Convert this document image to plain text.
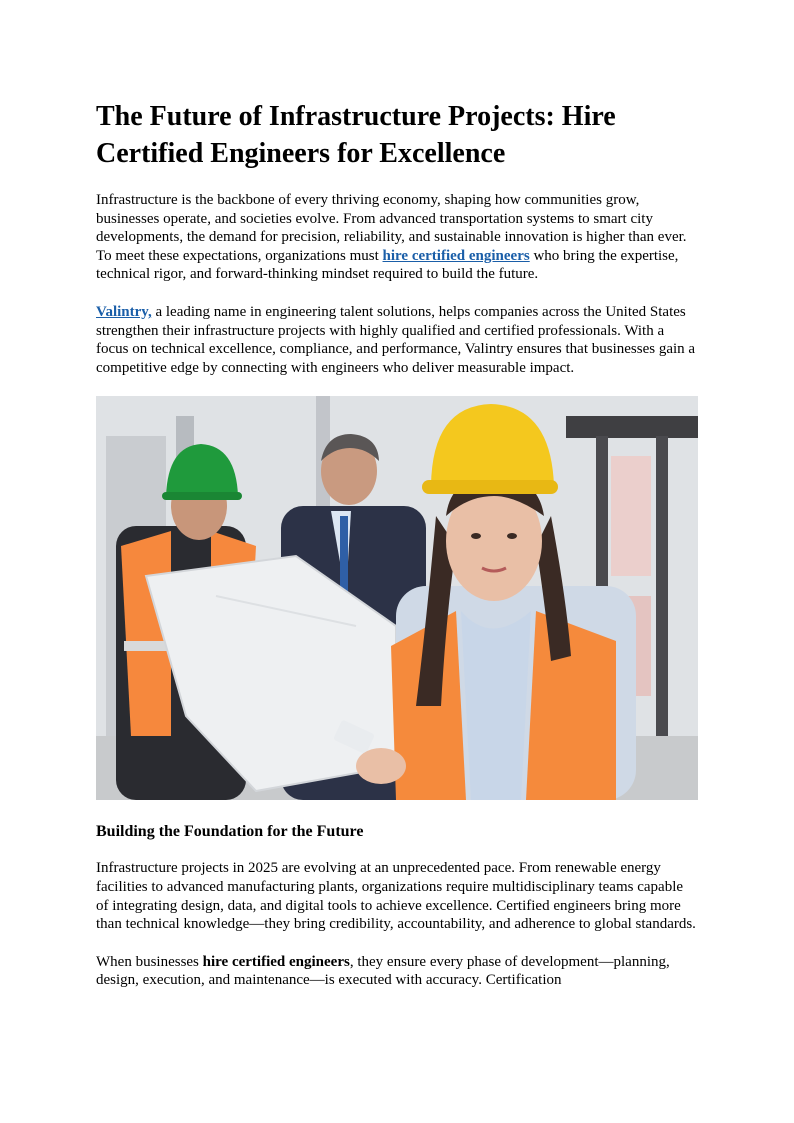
The Future of Infrastructure Projects: Hire Certified Engineers for Excellence

Infrastructure is the backbone of every thriving economy, shaping how communities grow, businesses operate, and societies evolve. From advanced transportation systems to smart city developments, the demand for precision, reliability, and sustainable innovation is higher than ever. To meet these expectations, organizations must hire certified engineers who bring the expertise, technical rigor, and forward-thinking mindset required to build the future.

Valintry, a leading name in engineering talent solutions, helps companies across the United States strengthen their infrastructure projects with highly qualified and certified professionals. With a focus on technical excellence, compliance, and performance, Valintry ensures that businesses gain a competitive edge by connecting with engineers who deliver measurable impact.

Building the Foundation for the Future

Infrastructure projects in 2025 are evolving at an unprecedented pace. From renewable energy facilities to advanced manufacturing plants, organizations require multidisciplinary teams capable of integrating design, data, and digital tools to achieve excellence. Certified engineers bring more than technical knowledge—they bring credibility, accountability, and adherence to global standards.

When businesses hire certified engineers, they ensure every phase of development—planning, design, execution, and maintenance—is executed with accuracy. Certification
